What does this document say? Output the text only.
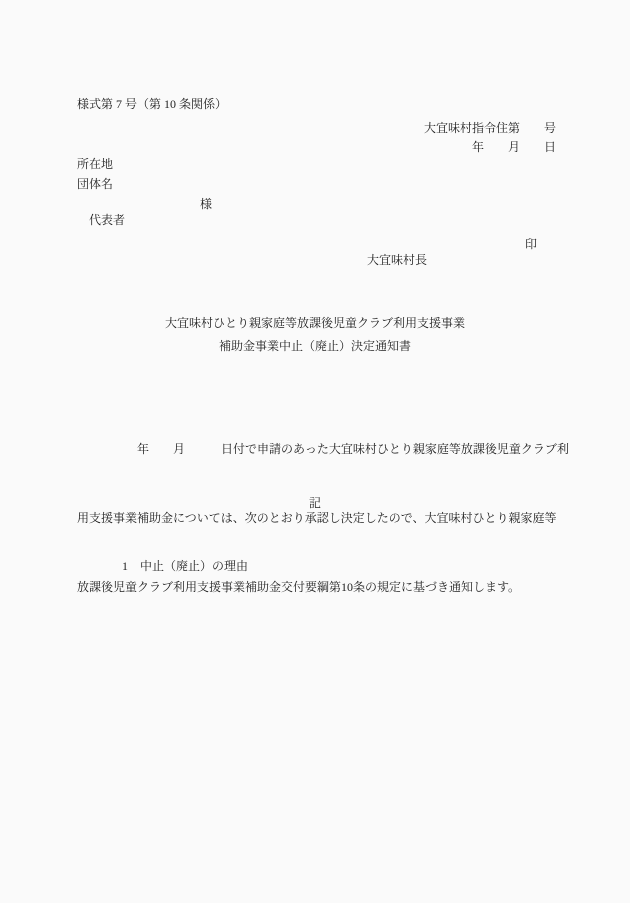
様式第 7 号（第 10 条関係）
大宜味村指令住第　　号
年　　月　　日
所在地
団体名

代表者

様

大宜味村長

印

大宜味村ひとり親家庭等放課後児童クラブ利用支援事業
補助金事業中止（廃止）決定通知書

　　　　　年　　月　　　日付で申請のあった大宜味村ひとり親家庭等放課後児童クラブ利

用支援事業補助金については、次のとおり承認し決定したので、大宜味村ひとり親家庭等

放課後児童クラブ利用支援事業補助金交付要綱第10条の規定に基づき通知します。

記
1　中止（廃止）の理由
